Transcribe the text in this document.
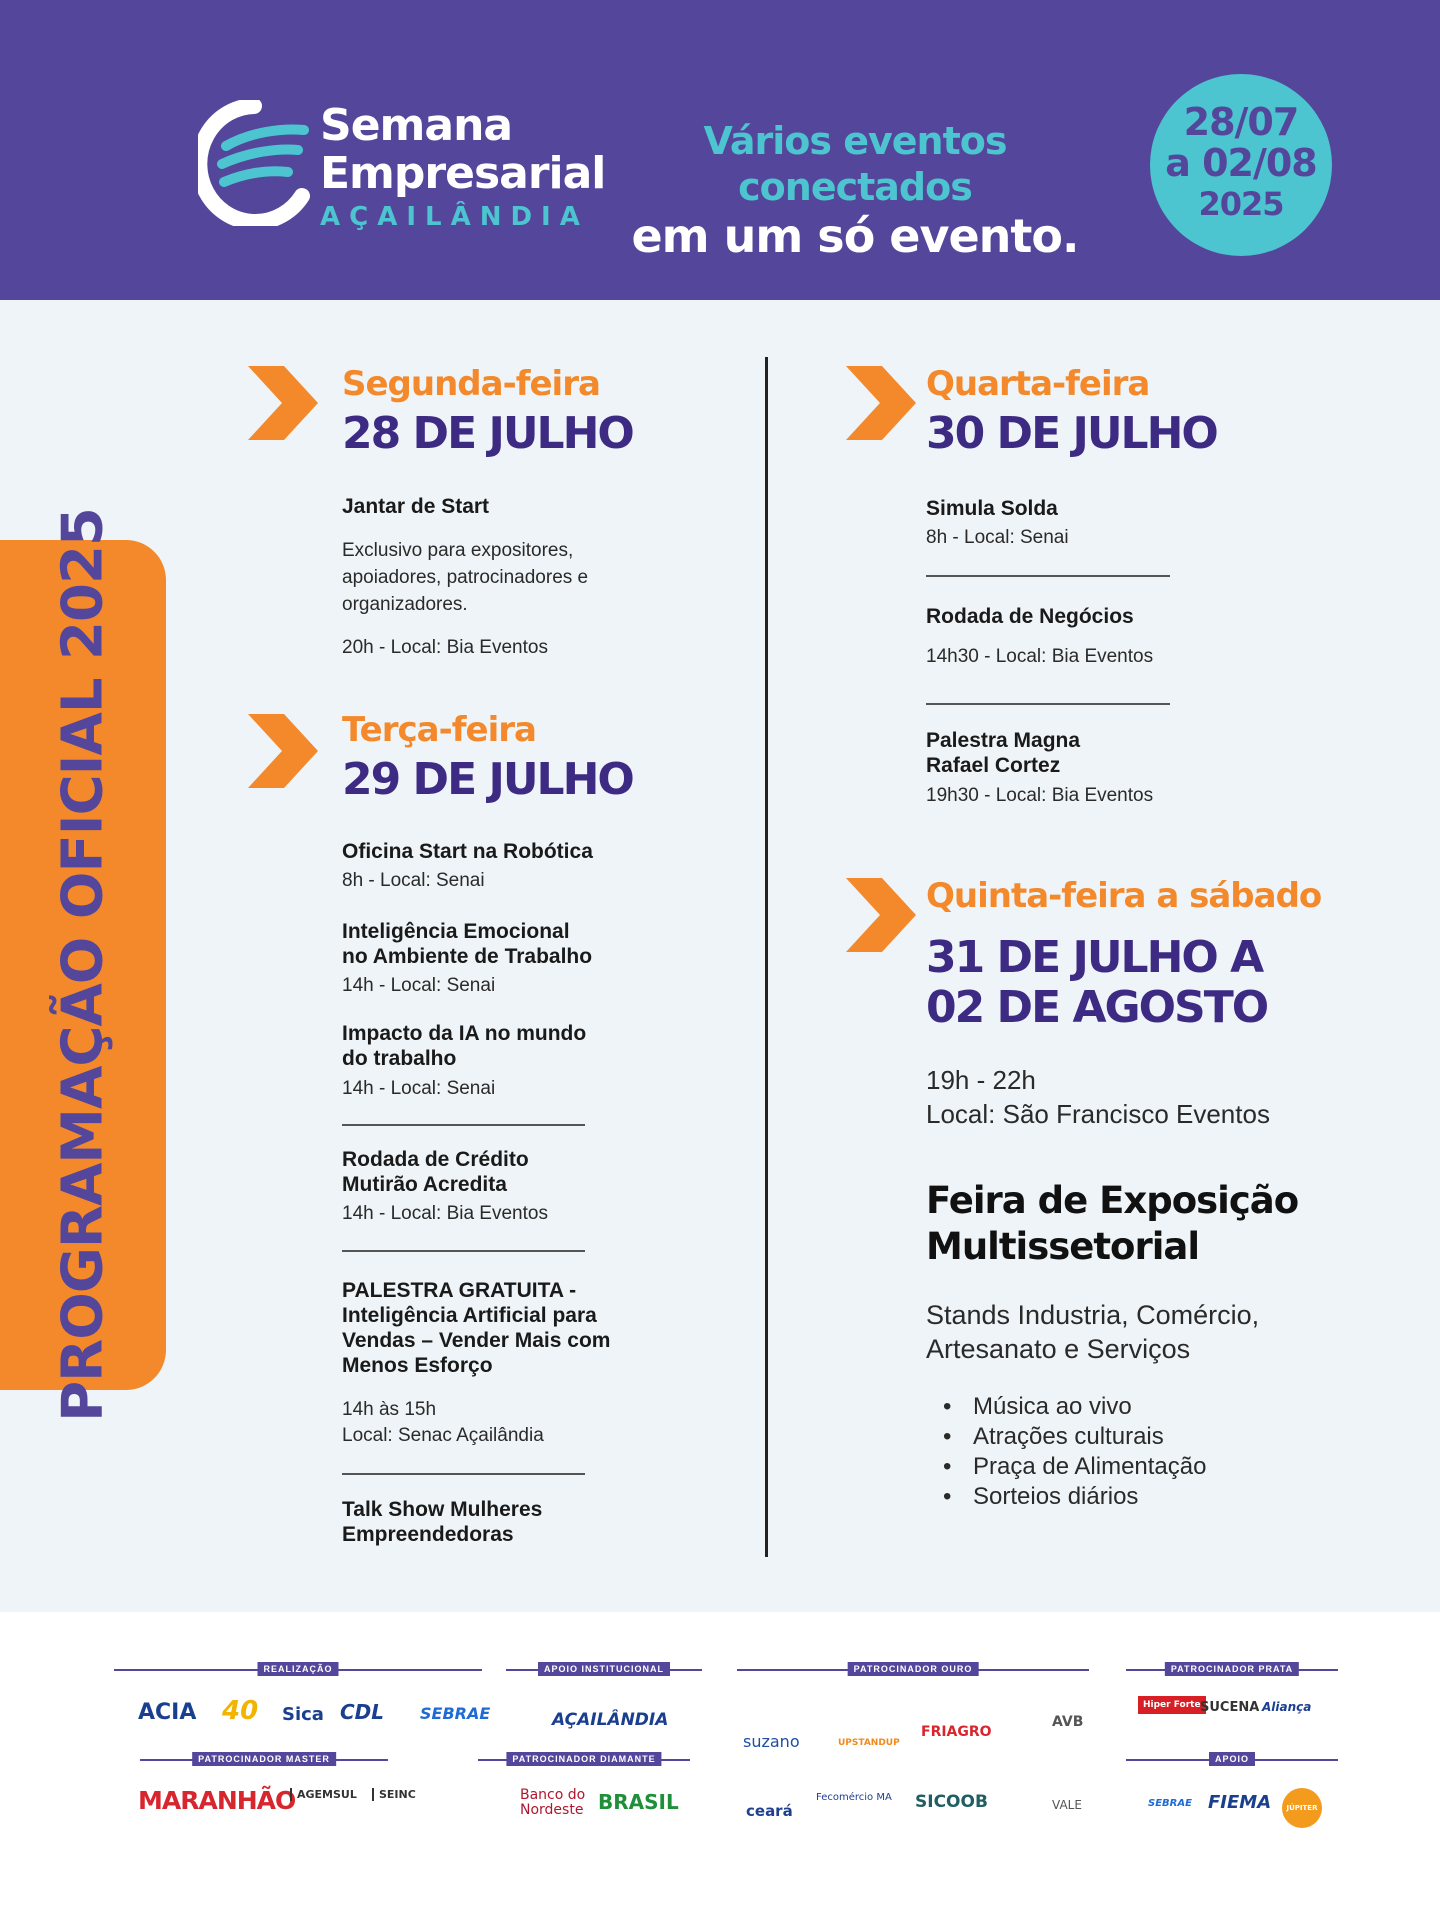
Semana
Empresarial
AÇAILÂNDIA
Vários eventos conectados
em um só evento.
28/07
a 02/08
2025
PROGRAMAÇÃO OFICIAL 2025
Segunda-feira
28 DE JULHO
Jantar de Start
Exclusivo para expositores,
apoiadores, patrocinadores e
organizadores.
20h - Local: Bia Eventos
Terça-feira
29 DE JULHO
Oficina Start na Robótica
8h - Local: Senai
Inteligência Emocional
no Ambiente de Trabalho
14h - Local: Senai
Impacto da IA no mundo
do trabalho
14h - Local: Senai
Rodada de Crédito
Mutirão Acredita
14h - Local: Bia Eventos
PALESTRA GRATUITA -
Inteligência Artificial para
Vendas – Vender Mais com
Menos Esforço
14h às 15h
Local: Senac Açailândia
Talk Show Mulheres
Empreendedoras
Quarta-feira
30 DE JULHO
Simula Solda
8h - Local: Senai
Rodada de Negócios
14h30 - Local: Bia Eventos
Palestra Magna
Rafael Cortez
19h30 - Local: Bia Eventos
Quinta-feira a sábado
31 DE JULHO A
02 DE AGOSTO
19h - 22h
Local: São Francisco Eventos
Feira de Exposição
Multissetorial
Stands Industria, Comércio,
Artesanato e Serviços
• Música ao vivo
• Atrações culturais
• Praça de Alimentação
• Sorteios diários
REALIZAÇÃO
ACIA 40 Sica CDL SEBRAE
APOIO INSTITUCIONAL
AÇAILÂNDIA
PATROCINADOR OURO
suzano	UPSTANDUP
FRIAGRO
AVB
ceará
Fecomércio MA SICOOB	VALE
PATROCINADOR PRATA
Hiper Forte SUCENA Aliança
PATROCINADOR MASTER
MARANHÃO AGEMSUL	SEINC
PATROCINADOR DIAMANTE
Banco do
Nordeste BRASIL
APOIO
SEBRAE FIEMA	JÚPITER
